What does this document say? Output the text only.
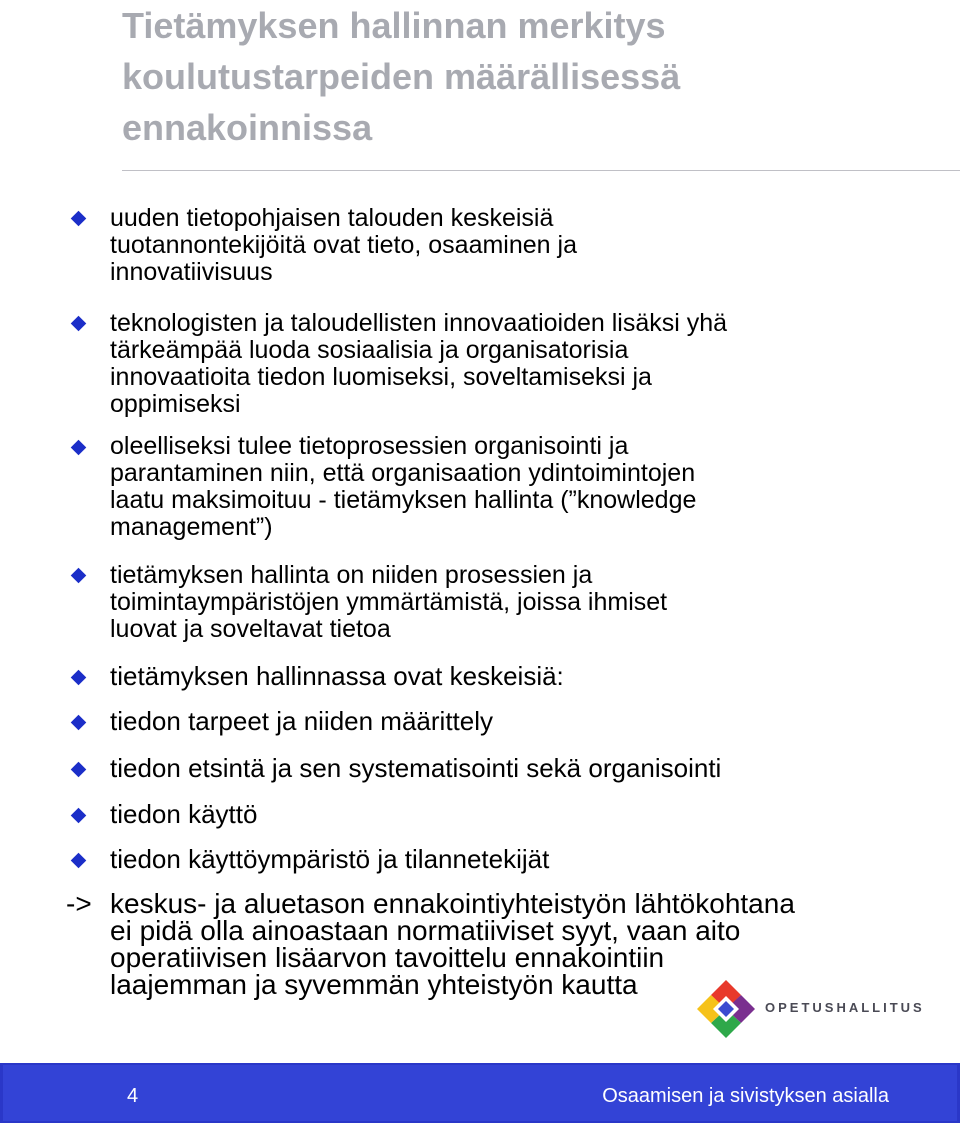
Tietämyksen hallinnan merkitys koulutustarpeiden määrällisessä ennakoinnissa
uuden tietopohjaisen talouden keskeisiä
tuotannontekijöitä ovat tieto, osaaminen ja
innovatiivisuus
teknologisten ja taloudellisten innovaatioiden lisäksi yhä
tärkeämpää luoda sosiaalisia ja organisatorisia
innovaatioita tiedon luomiseksi, soveltamiseksi ja
oppimiseksi
oleelliseksi tulee tietoprosessien organisointi ja
parantaminen niin, että organisaation ydintoimintojen
laatu maksimoituu - tietämyksen hallinta (”knowledge
management”)
tietämyksen hallinta on niiden prosessien ja
toimintaympäristöjen ymmärtämistä, joissa ihmiset
luovat ja soveltavat tietoa
tietämyksen hallinnassa ovat keskeisiä:
tiedon tarpeet ja niiden määrittely
tiedon etsintä ja sen systematisointi sekä organisointi
tiedon käyttö
tiedon käyttöympäristö ja tilannetekijät
-> keskus- ja aluetason ennakointiyhteistyön lähtökohtana
ei pidä olla ainoastaan normatiiviset syyt, vaan aito
operatiivisen lisäarvon tavoittelu ennakointiin
laajemman ja syvemmän yhteistyön kautta
OPETUSHALLITUS
4	Osaamisen ja sivistyksen asialla
